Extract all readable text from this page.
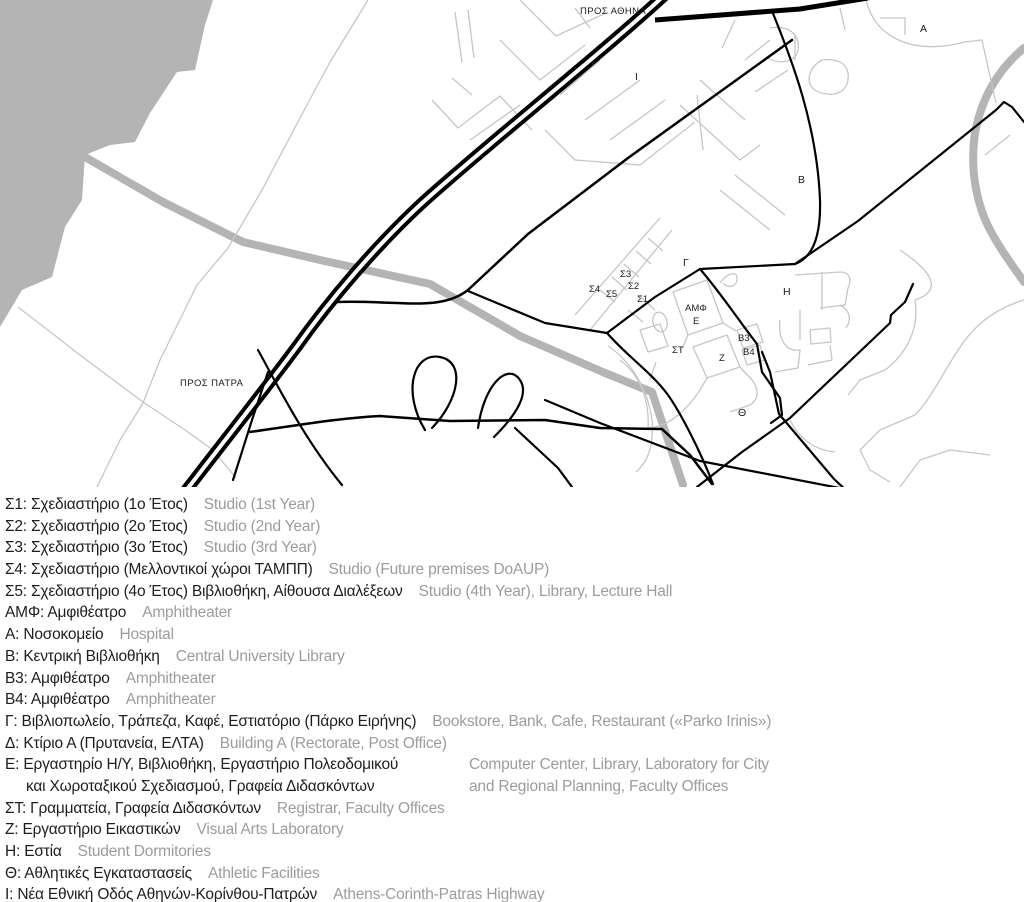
ΠΡΟΣ ΑΘΗΝΑ
ΠΡΟΣ ΠΑΤΡΑ
Ι
Α
Β
Γ
Η
Θ
Σ3
Σ2
Σ1
Σ4 Σ5
ΑΜΦ
Ε
ΣΤ
Ζ
Β3
Β4
Σ1: Σχεδιαστήριο (1ο Έτος) Studio (1st Year)
Σ2: Σχεδιαστήριο (2ο Έτος) Studio (2nd Year)
Σ3: Σχεδιαστήριο (3ο Έτος) Studio (3rd Year)
Σ4: Σχεδιαστήριο (Μελλοντικοί χώροι ΤΑΜΠΠ) Studio (Future premises DoAUP)
Σ5: Σχεδιαστήριο (4ο Έτος) Βιβλιοθήκη, Αίθουσα Διαλέξεων Studio (4th Year), Library, Lecture Hall
ΑΜΦ: Αμφιθέατρο Amphitheater
Α: Νοσοκομείο Hospital
Β: Κεντρική Βιβλιοθήκη Central University Library
Β3: Αμφιθέατρο Amphitheater
Β4: Αμφιθέατρο Amphitheater
Γ: Βιβλιοπωλείο, Τράπεζα, Καφέ, Εστιατόριο (Πάρκο Ειρήνης) Bookstore, Bank, Cafe, Restaurant («Parko Irinis»)
Δ: Κτίριο Α (Πρυτανεία, ΕΛΤΑ) Building A (Rectorate, Post Office)
Ε: Εργαστηρίο Η/Υ, Βιβλιοθήκη, Εργαστήριο Πολεοδομικού	Computer Center, Library, Laboratory for City
και Χωροταξικού Σχεδιασμού, Γραφεία Διδασκόντων	and Regional Planning, Faculty Offices
ΣΤ: Γραμματεία, Γραφεία Διδασκόντων Registrar, Faculty Offices
Ζ: Εργαστήριο Εικαστικών Visual Arts Laboratory
Η: Εστία Student Dormitories
Θ: Αθλητικές Εγκαταστασείς Athletic Facilities
Ι: Νέα Εθνική Οδός Αθηνών-Κορίνθου-Πατρών Athens-Corinth-Patras Highway
